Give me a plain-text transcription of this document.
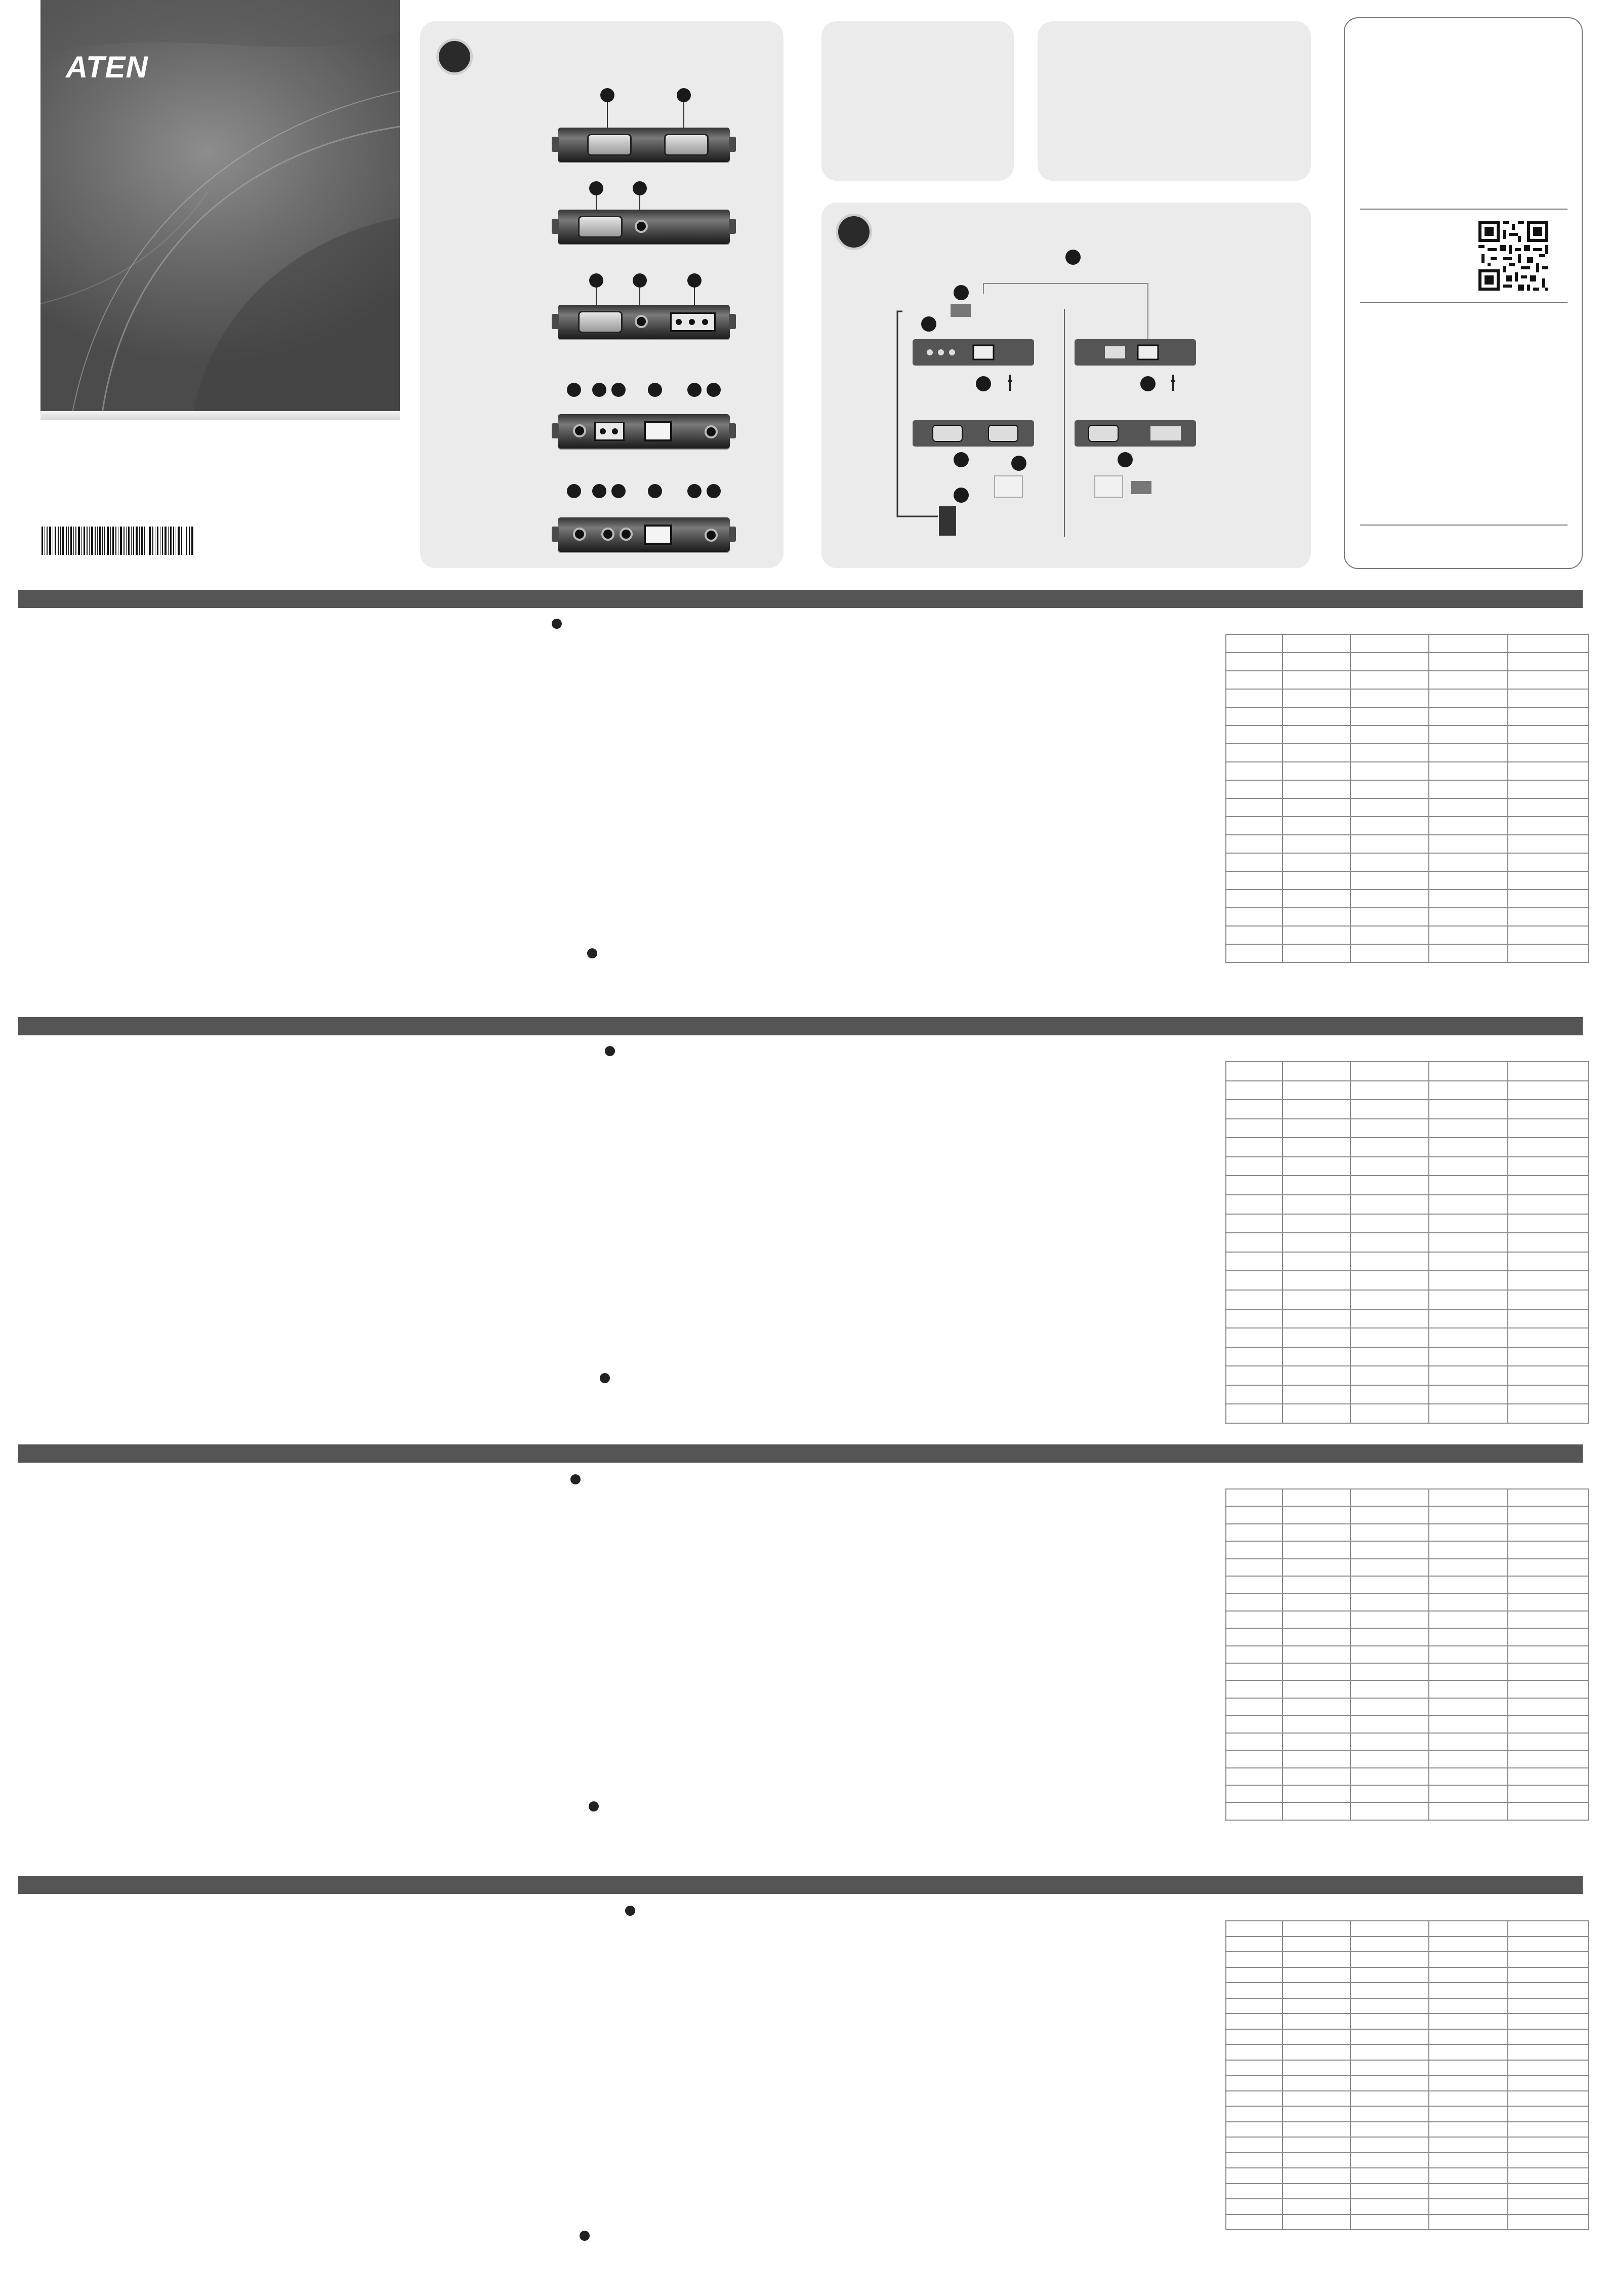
ATEN
